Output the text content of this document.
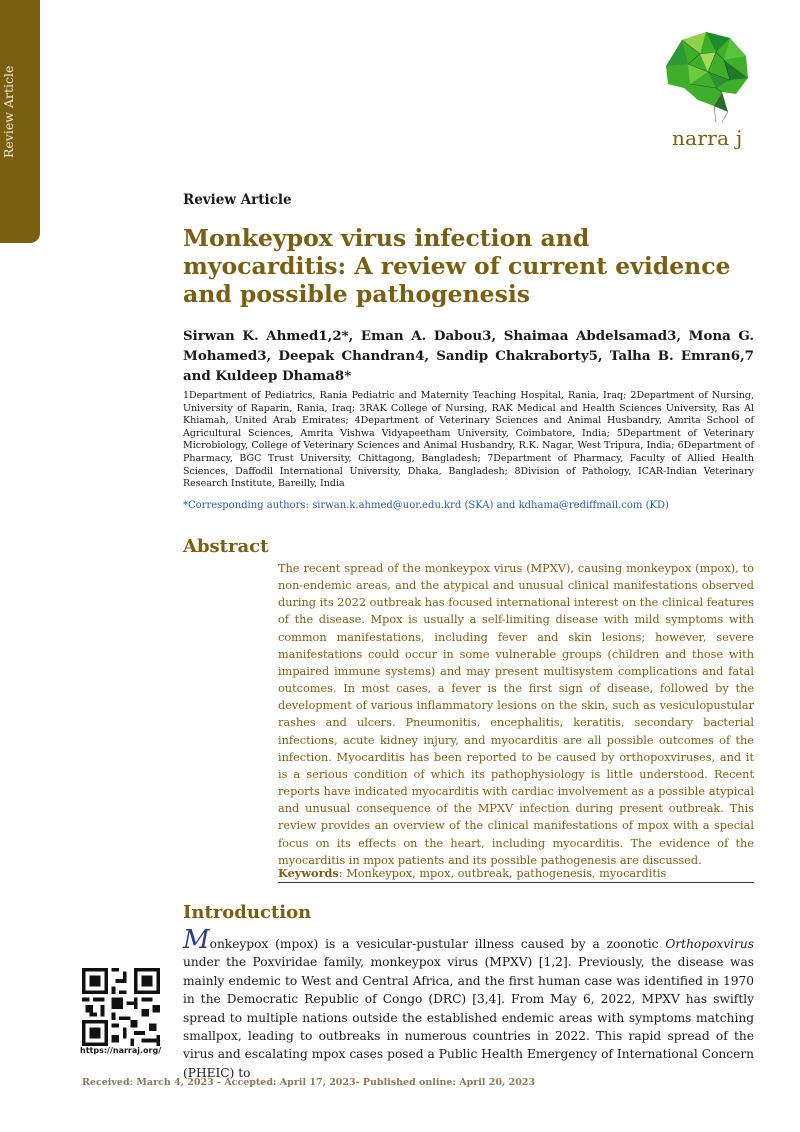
Review Article	narra j
Review Article
Monkeypox virus infection and myocarditis: A review of current evidence and possible pathogenesis
Sirwan K. Ahmed1,2*, Eman A. Dabou3, Shaimaa Abdelsamad3, Mona G. Mohamed3, Deepak Chandran4, Sandip Chakraborty5, Talha B. Emran6,7 and Kuldeep Dhama8*
1Department of Pediatrics, Rania Pediatric and Maternity Teaching Hospital, Rania, Iraq; 2Department of Nursing, University of Raparin, Rania, Iraq; 3RAK College of Nursing, RAK Medical and Health Sciences University, Ras Al Khiamah, United Arab Emirates; 4Department of Veterinary Sciences and Animal Husbandry, Amrita School of Agricultural Sciences, Amrita Vishwa Vidyapeetham University, Coimbatore, India; 5Department of Veterinary Microbiology, College of Veterinary Sciences and Animal Husbandry, R.K. Nagar, West Tripura, India; 6Department of Pharmacy, BGC Trust University, Chittagong, Bangladesh; 7Department of Pharmacy, Faculty of Allied Health Sciences, Daffodil International University, Dhaka, Bangladesh; 8Division of Pathology, ICAR-Indian Veterinary Research Institute, Bareilly, India
*Corresponding authors: sirwan.k.ahmed@uor.edu.krd (SKA) and kdhama@rediffmail.com (KD)
Abstract
The recent spread of the monkeypox virus (MPXV), causing monkeypox (mpox), to non-endemic areas, and the atypical and unusual clinical manifestations observed during its 2022 outbreak has focused international interest on the clinical features of the disease. Mpox is usually a self-limiting disease with mild symptoms with common manifestations, including fever and skin lesions; however, severe manifestations could occur in some vulnerable groups (children and those with impaired immune systems) and may present multisystem complications and fatal outcomes. In most cases, a fever is the first sign of disease, followed by the development of various inflammatory lesions on the skin, such as vesiculopustular rashes and ulcers. Pneumonitis, encephalitis, keratitis, secondary bacterial infections, acute kidney injury, and myocarditis are all possible outcomes of the infection. Myocarditis has been reported to be caused by orthopoxviruses, and it is a serious condition of which its pathophysiology is little understood. Recent reports have indicated myocarditis with cardiac involvement as a possible atypical and unusual consequence of the MPXV infection during present outbreak. This review provides an overview of the clinical manifestations of mpox with a special focus on its effects on the heart, including myocarditis. The evidence of the myocarditis in mpox patients and its possible pathogenesis are discussed.
Keywords: Monkeypox, mpox, outbreak, pathogenesis, myocarditis
Introduction
Monkeypox (mpox) is a vesicular-pustular illness caused by a zoonotic Orthopoxvirus under the Poxviridae family, monkeypox virus (MPXV) [1,2]. Previously, the disease was mainly endemic to West and Central Africa, and the first human case was identified in 1970 in the Democratic Republic of Congo (DRC) [3,4]. From May 6, 2022, MPXV has swiftly spread to multiple nations outside the established endemic areas with symptoms matching smallpox, leading to outbreaks in numerous countries in 2022. This rapid spread of the virus and escalating mpox cases posed a Public Health Emergency of International Concern (PHEIC) to
https://narraj.org/
Received: March 4, 2023 - Accepted: April 17, 2023- Published online: April 20, 2023
